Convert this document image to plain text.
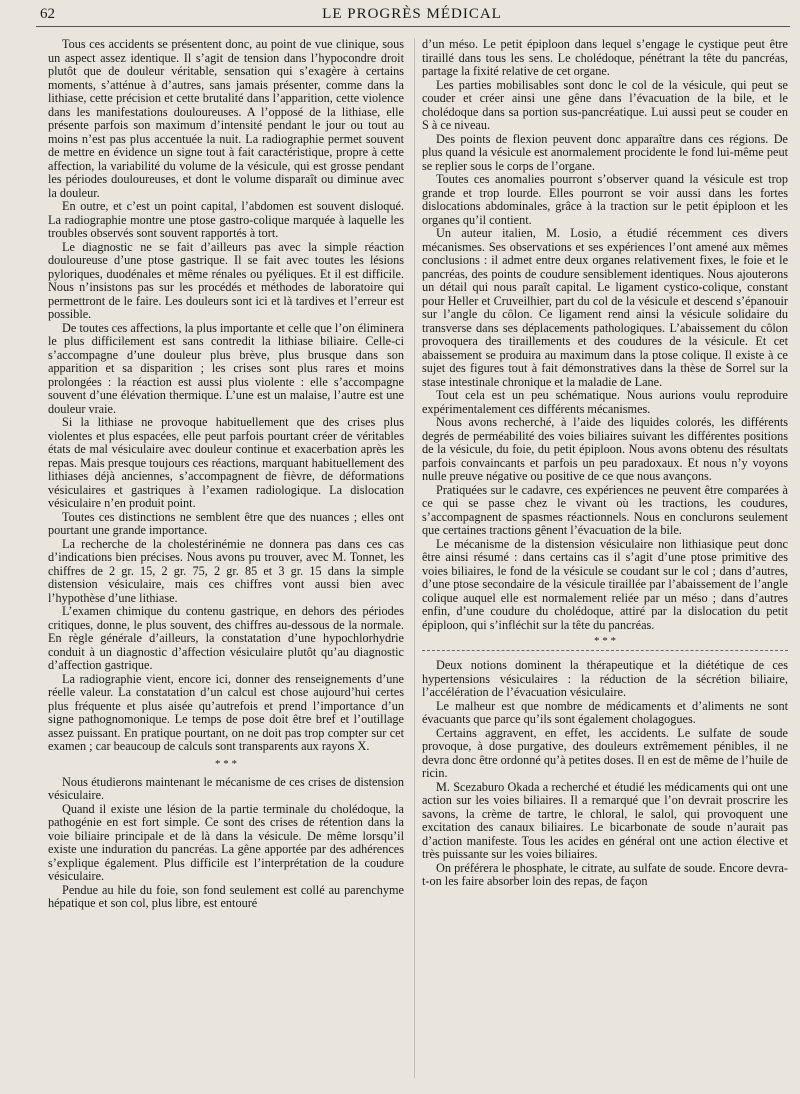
62	LE PROGRÈS MÉDICAL

Tous ces accidents se présentent donc, au point de vue clinique, sous un aspect assez identique. Il s’agit de tension dans l’hypocondre droit plutôt que de douleur véritable, sensation qui s’exagère à certains moments, s’atténue à d’autres, sans jamais présenter, comme dans la lithiase, cette précision et cette brutalité dans l’apparition, cette violence dans les manifestations douloureuses. A l’opposé de la lithiase, elle présente parfois son maximum d’intensité pendant le jour ou tout au moins n’est pas plus accentuée la nuit. La radiographie permet souvent de mettre en évidence un signe tout à fait caractéristique, propre à cette affection, la variabilité du volume de la vésicule, qui est grosse pendant les périodes douloureuses, et dont le volume disparaît ou diminue avec la douleur.

En outre, et c’est un point capital, l’abdomen est souvent disloqué. La radiographie montre une ptose gastro-colique marquée à laquelle les troubles observés sont souvent rapportés à tort.

Le diagnostic ne se fait d’ailleurs pas avec la simple réaction douloureuse d’une ptose gastrique. Il se fait avec toutes les lésions pyloriques, duodénales et même rénales ou pyéliques. Et il est difficile. Nous n’insistons pas sur les procédés et méthodes de laboratoire qui permettront de le faire. Les douleurs sont ici et là tardives et l’erreur est possible.

De toutes ces affections, la plus importante et celle que l’on éliminera le plus difficilement est sans contredit la lithiase biliaire. Celle-ci s’accompagne d’une douleur plus brève, plus brusque dans son apparition et sa disparition ; les crises sont plus rares et moins prolongées : la réaction est aussi plus violente : elle s’accompagne souvent d’une élévation thermique. L’une est un malaise, l’autre est une douleur vraie.

Si la lithiase ne provoque habituellement que des crises plus violentes et plus espacées, elle peut parfois pourtant créer de véritables états de mal vésiculaire avec douleur continue et exacerbation après les repas. Mais presque toujours ces réactions, marquant habituellement des lithiases déjà anciennes, s’accompagnent de fièvre, de déformations vésiculaires et gastriques à l’examen radiologique. La dislocation vésiculaire n’en produit point.

Toutes ces distinctions ne semblent être que des nuances ; elles ont pourtant une grande importance.

La recherche de la cholestérinémie ne donnera pas dans ces cas d’indications bien précises. Nous avons pu trouver, avec M. Tonnet, les chiffres de 2 gr. 15, 2 gr. 75, 2 gr. 85 et 3 gr. 15 dans la simple distension vésiculaire, mais ces chiffres vont aussi bien avec l’hypothèse d’une lithiase.

L’examen chimique du contenu gastrique, en dehors des périodes critiques, donne, le plus souvent, des chiffres au-dessous de la normale. En règle générale d’ailleurs, la constatation d’une hypochlorhydrie conduit à un diagnostic d’affection vésiculaire plutôt qu’au diagnostic d’affection gastrique.

La radiographie vient, encore ici, donner des renseignements d’une réelle valeur. La constatation d’un calcul est chose aujourd’hui certes plus fréquente et plus aisée qu’autrefois et prend l’importance d’un signe pathognomonique. Le temps de pose doit être bref et l’outillage assez puissant. En pratique pourtant, on ne doit pas trop compter sur cet examen ; car beaucoup de calculs sont transparents aux rayons X.

* * *

Nous étudierons maintenant le mécanisme de ces crises de distension vésiculaire.

Quand il existe une lésion de la partie terminale du cholédoque, la pathogénie en est fort simple. Ce sont des crises de rétention dans la voie biliaire principale et de là dans la vésicule. De même lorsqu’il existe une induration du pancréas. La gêne apportée par des adhérences s’explique également. Plus difficile est l’interprétation de la coudure vésiculaire.

Pendue au hile du foie, son fond seulement est collé au parenchyme hépatique et son col, plus libre, est entouré

d’un méso. Le petit épiploon dans lequel s’engage le cystique peut être tiraillé dans tous les sens. Le cholédoque, pénétrant la tête du pancréas, partage la fixité relative de cet organe.

Les parties mobilisables sont donc le col de la vésicule, qui peut se couder et créer ainsi une gêne dans l’évacuation de la bile, et le cholédoque dans sa portion sus-pancréatique. Lui aussi peut se couder en S à ce niveau.

Des points de flexion peuvent donc apparaître dans ces régions. De plus quand la vésicule est anormalement procidente le fond lui-même peut se replier sous le corps de l’organe.

Toutes ces anomalies pourront s’observer quand la vésicule est trop grande et trop lourde. Elles pourront se voir aussi dans les fortes dislocations abdominales, grâce à la traction sur le petit épiploon et les organes qu’il contient.

Un auteur italien, M. Losio, a étudié récemment ces divers mécanismes. Ses observations et ses expériences l’ont amené aux mêmes conclusions : il admet entre deux organes relativement fixes, le foie et le pancréas, des points de coudure sensiblement identiques. Nous ajouterons un détail qui nous paraît capital. Le ligament cystico-colique, constant pour Heller et Cruveilhier, part du col de la vésicule et descend s’épanouir sur l’angle du côlon. Ce ligament rend ainsi la vésicule solidaire du transverse dans ses déplacements pathologiques. L’abaissement du côlon provoquera des tiraillements et des coudures de la vésicule. Et cet abaissement se produira au maximum dans la ptose colique. Il existe à ce sujet des figures tout à fait démonstratives dans la thèse de Sorrel sur la stase intestinale chronique et la maladie de Lane.

Tout cela est un peu schématique. Nous aurions voulu reproduire expérimentalement ces différents mécanismes.

Nous avons recherché, à l’aide des liquides colorés, les différents degrés de perméabilité des voies biliaires suivant les différentes positions de la vésicule, du foie, du petit épiploon. Nous avons obtenu des résultats parfois convaincants et parfois un peu paradoxaux. Et nous n’y voyons nulle preuve négative ou positive de ce que nous avançons.

Pratiquées sur le cadavre, ces expériences ne peuvent être comparées à ce qui se passe chez le vivant où les tractions, les coudures, s’accompagnent de spasmes réactionnels. Nous en conclurons seulement que certaines tractions gênent l’évacuation de la bile.

Le mécanisme de la distension vésiculaire non lithiasique peut donc être ainsi résumé : dans certains cas il s’agit d’une ptose primitive des voies biliaires, le fond de la vésicule se coudant sur le col ; dans d’autres, d’une ptose secondaire de la vésicule tiraillée par l’abaissement de l’angle colique auquel elle est normalement reliée par un méso ; dans d’autres enfin, d’une coudure du cholédoque, attiré par la dislocation du petit épiploon, qui s’infléchit sur la tête du pancréas.

* * *

Deux notions dominent la thérapeutique et la diététique de ces hypertensions vésiculaires : la réduction de la sécrétion biliaire, l’accélération de l’évacuation vésiculaire.

Le malheur est que nombre de médicaments et d’aliments ne sont évacuants que parce qu’ils sont également cholagogues.

Certains aggravent, en effet, les accidents. Le sulfate de soude provoque, à dose purgative, des douleurs extrêmement pénibles, il ne devra donc être ordonné qu’à petites doses. Il en est de même de l’huile de ricin.

M. Scezaburo Okada a recherché et étudié les médicaments qui ont une action sur les voies biliaires. Il a remarqué que l’on devrait proscrire les savons, la crème de tartre, le chloral, le salol, qui provoquent une excitation des canaux biliaires. Le bicarbonate de soude n’aurait pas d’action manifeste. Tous les acides en général ont une action élective et très puissante sur les voies biliaires.

On préférera le phosphate, le citrate, au sulfate de soude. Encore devra-t-on les faire absorber loin des repas, de façon
